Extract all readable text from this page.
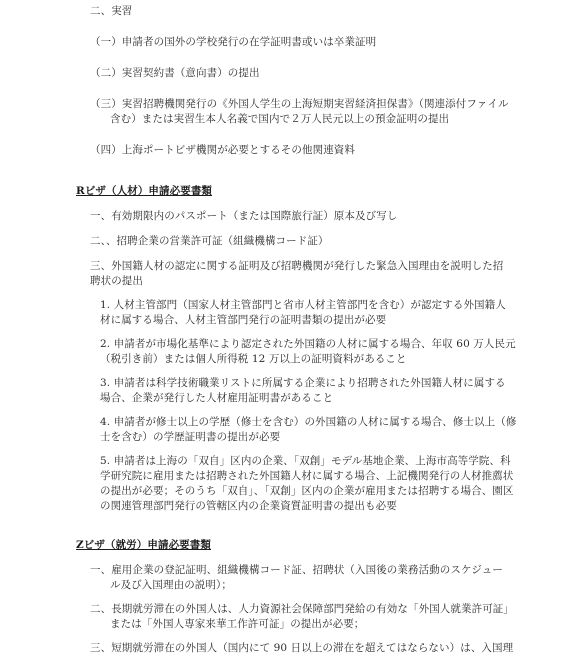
二、実習
（一）申請者の国外の学校発行の在学証明書或いは卒業証明
（二）実習契約書（意向書）の提出
（三）実習招聘機関発行の《外国人学生の上海短期実習経済担保書》（関連添付ファイル
含む）または実習生本人名義で国内で２万人民元以上の預金証明の提出
（四）上海ポートビザ機関が必要とするその他関連資料
Rビザ（人材）申請必要書類
一、有効期限内のパスポート（または国際旅行証）原本及び写し
二、、招聘企業の営業許可証（組織機構コード証）
三、外国籍人材の認定に関する証明及び招聘機関が発行した緊急入国理由を説明した招
聘状の提出
1. 人材主管部門（国家人材主管部門と省市人材主管部門を含む）が認定する外国籍人
材に属する場合、人材主管部門発行の証明書類の提出が必要
2. 申請者が市場化基準により認定された外国籍の人材に属する場合、年収 60 万人民元
（税引き前）または個人所得税 12 万以上の証明資料があること
3. 申請者は科学技術職業リストに所属する企業により招聘された外国籍人材に属する
場合、企業が発行した人材雇用証明書があること
4. 申請者が修士以上の学歴（修士を含む）の外国籍の人材に属する場合、修士以上（修
士を含む）の学歴証明書の提出が必要
5. 申請者は上海の「双自」区内の企業、「双創」モデル基地企業、上海市高等学院、科
学研究院に雇用または招聘された外国籍人材に属する場合、上記機関発行の人材推薦状
の提出が必要；そのうち「双自」、「双創」区内の企業が雇用または招聘する場合、園区
の関連管理部門発行の管轄区内の企業資質証明書の提出も必要
Zビザ（就労）申請必要書類
一、雇用企業の登記証明、組織機構コード証、招聘状（入国後の業務活動のスケジュー
ル及び入国理由の説明）；
二、長期就労滞在の外国人は、人力資源社会保障部門発給の有効な「外国人就業許可証」
または「外国人専家来華工作許可証」の提出が必要；
三、短期就労滞在の外国人（国内にて 90 日以上の滞在を超えてはならない）は、入国理
